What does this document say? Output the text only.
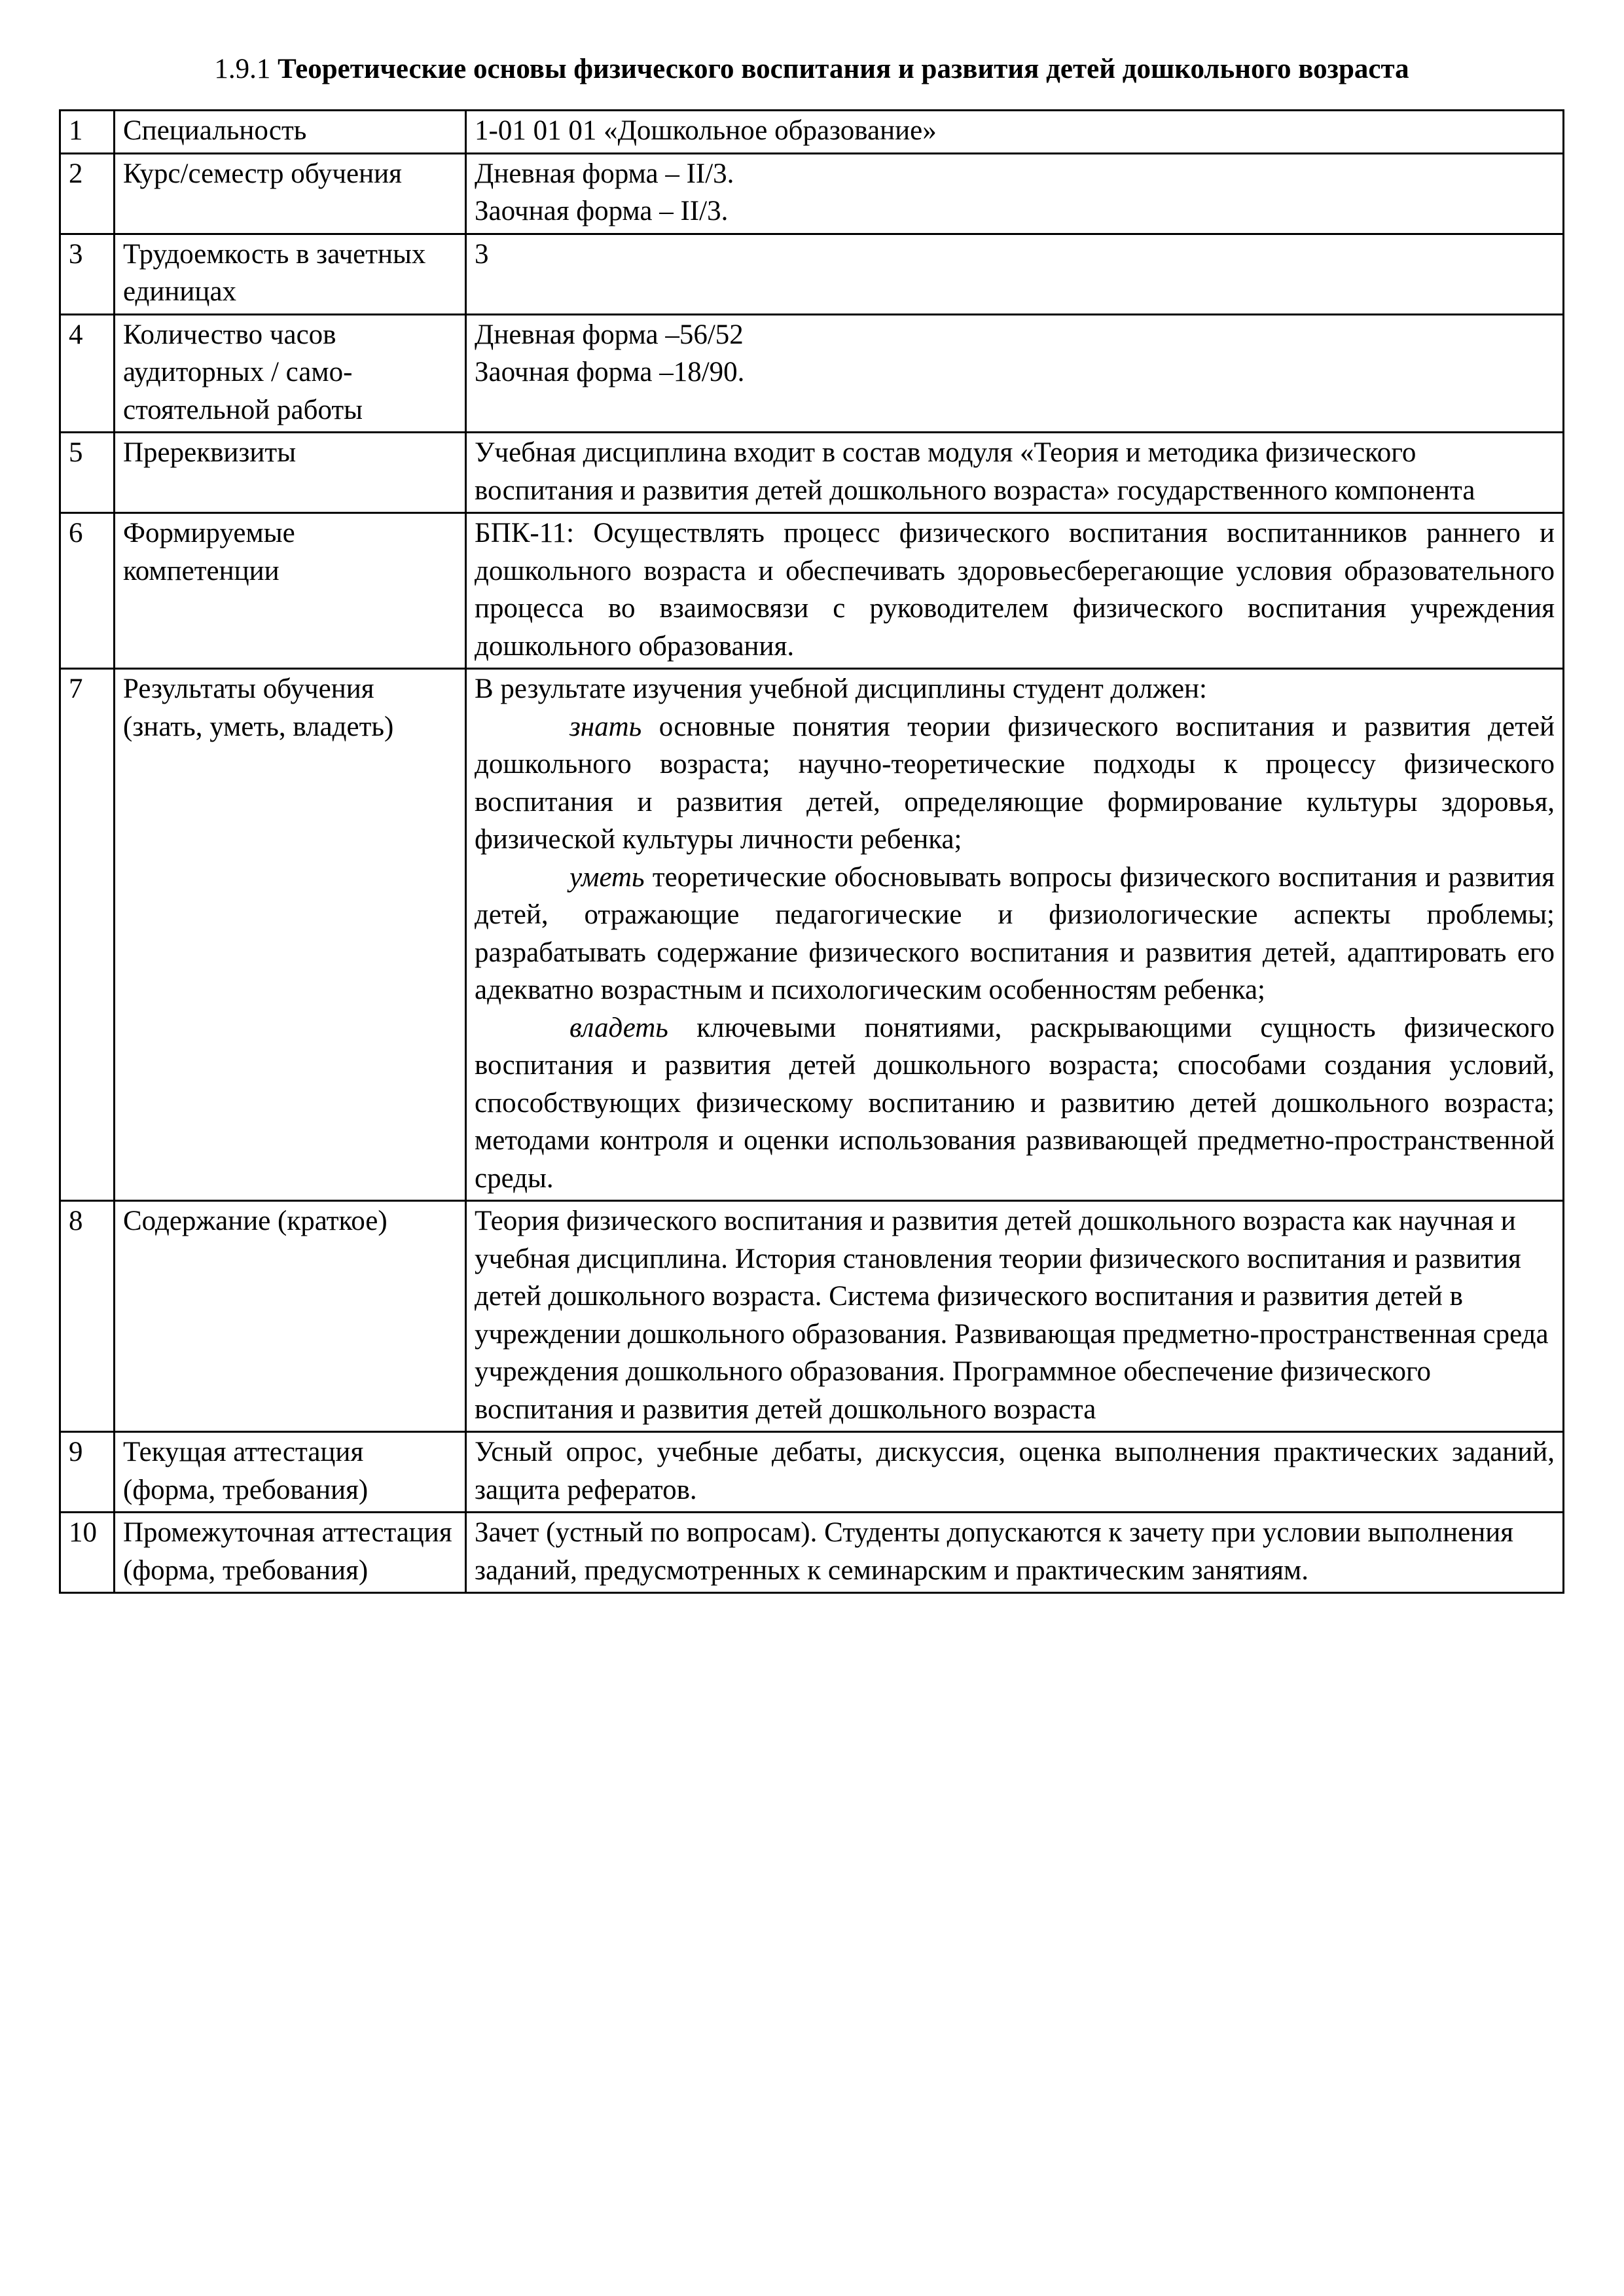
1.9.1 Теоретические основы физического воспитания и развития детей дошкольного возраста
1	Специальность	1-01 01 01 «Дошкольное образование»

2	Курс/семестр обучения	Дневная форма – II/3.
Заочная форма – II/3.

3	Трудоемкость в зачетных единицах	3

4	Количество часов аудиторных / само-стоятельной работы	Дневная форма –56/52
Заочная форма –18/90.

5	Пререквизиты	Учебная дисциплина входит в состав модуля «Теория и методика физического воспитания и развития детей дошкольного возраста» государственного компонента
6	Формируемые компетенции	БПК-11: Осуществлять процесс физического воспитания воспитанников раннего и дошкольного возраста и обеспечивать здоровьесберегающие условия образовательного процесса во взаимосвязи с руководителем физического воспитания учреждения дошкольного образования.
7	Результаты обучения (знать, уметь, владеть)	В результате изучения учебной дисциплины студент должен:
знать основные понятия теории физического воспитания и развития детей дошкольного возраста; научно-теоретические подходы к процессу физического воспитания и развития детей, определяющие формирование культуры здоровья, физической культуры личности ребенка;
уметь теоретические обосновывать вопросы физического воспитания и развития детей, отражающие педагогические и физиологические аспекты проблемы; разрабатывать содержание физического воспитания и развития детей, адаптировать его адекватно возрастным и психологическим особенностям ребенка;
владеть ключевыми понятиями, раскрывающими сущность физического воспитания и развития детей дошкольного возраста; способами создания условий, способствующих физическому воспитанию и развитию детей дошкольного возраста; методами контроля и оценки использования развивающей предметно-пространственной среды.

8	Содержание (краткое)	Теория физического воспитания и развития детей дошкольного возраста как научная и учебная дисциплина. История становления теории физического воспитания и развития детей дошкольного возраста. Система физического воспитания и развития детей в учреждении дошкольного образования. Развивающая предметно-пространственная среда учреждения дошкольного образования. Программное обеспечение физического воспитания и развития детей дошкольного возраста
9	Текущая аттестация (форма, требования)	Усный опрос, учебные дебаты, дискуссия, оценка выполнения практических заданий, защита рефератов.
10	Промежуточная аттестация (форма, требования)	Зачет (устный по вопросам). Студенты допускаются к зачету при условии выполнения заданий, предусмотренных к семинарским и практическим занятиям.
